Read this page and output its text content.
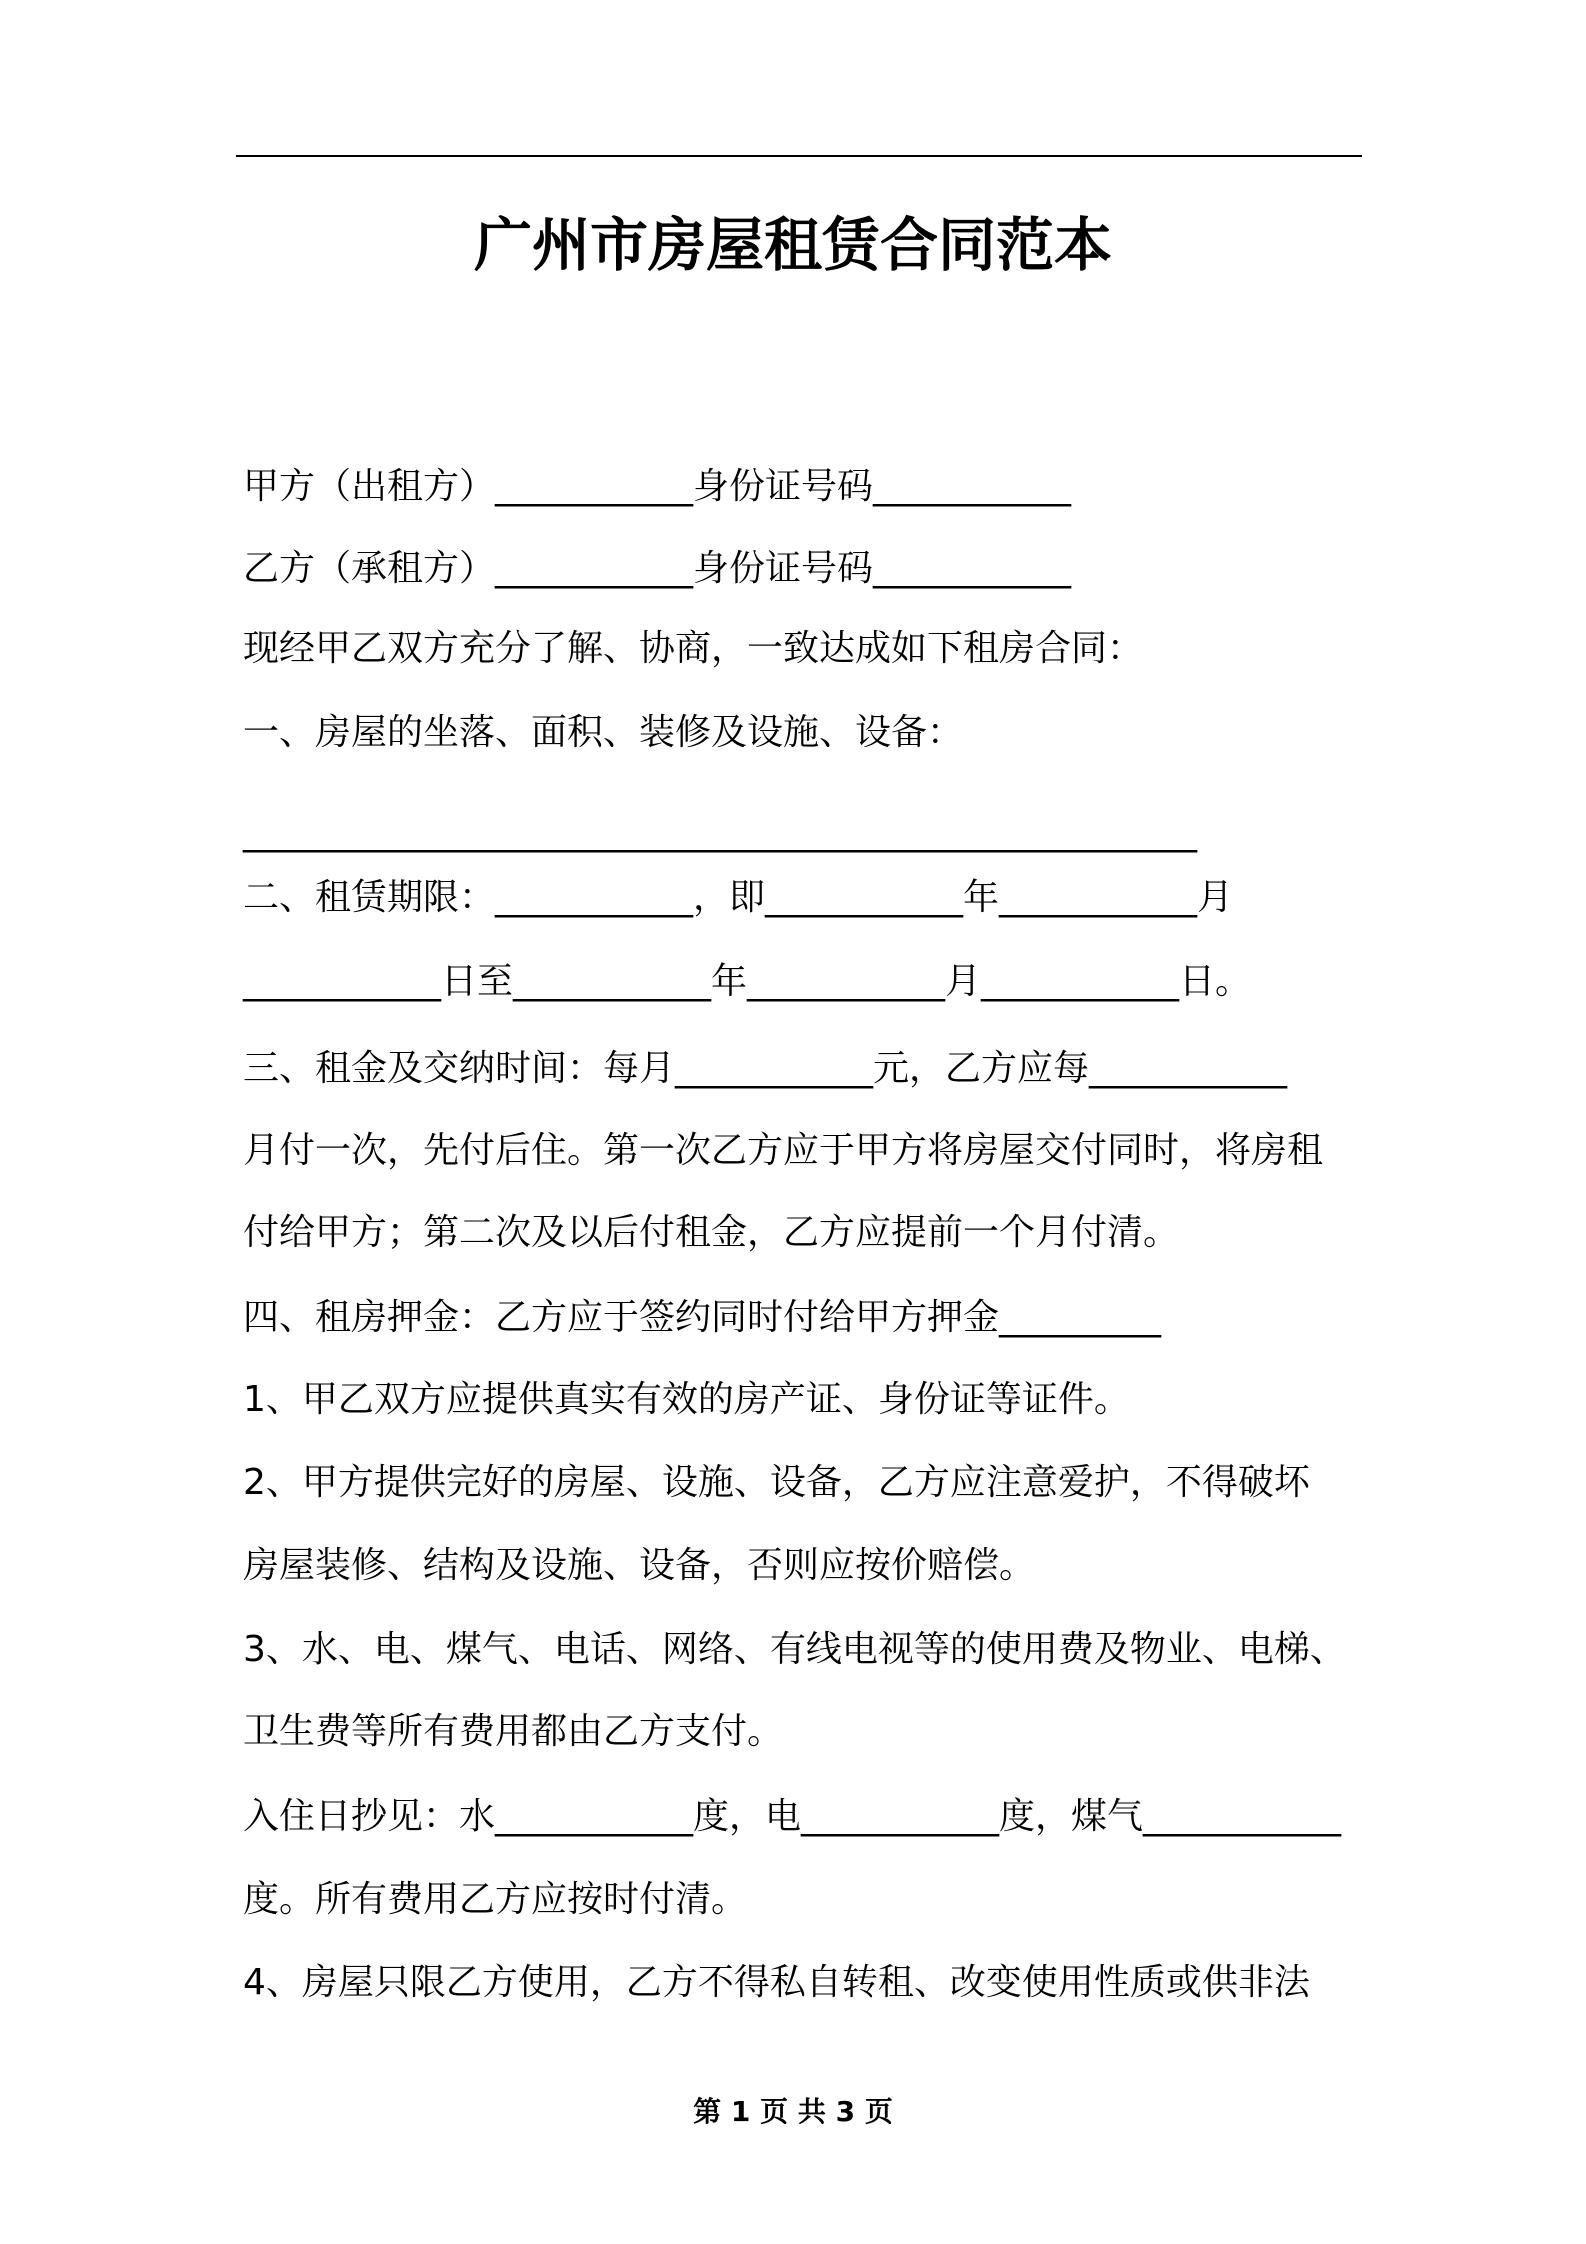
广州市房屋租赁合同范本
甲方（出租方）___________身份证号码___________
乙方（承租方）___________身份证号码___________
现经甲乙双方充分了解、协商，一致达成如下租房合同：
一、房屋的坐落、面积、装修及设施、设备：
_____________________________________________________
二、租赁期限：___________，即___________年___________月
___________日至___________年___________月___________日。
三、租金及交纳时间：每月___________元，乙方应每___________
月付一次，先付后住。第一次乙方应于甲方将房屋交付同时，将房租
付给甲方；第二次及以后付租金，乙方应提前一个月付清。
四、租房押金：乙方应于签约同时付给甲方押金_________
1、甲乙双方应提供真实有效的房产证、身份证等证件。
2、甲方提供完好的房屋、设施、设备，乙方应注意爱护，不得破坏
房屋装修、结构及设施、设备，否则应按价赔偿。
3、水、电、煤气、电话、网络、有线电视等的使用费及物业、电梯、
卫生费等所有费用都由乙方支付。
入住日抄见：水___________度，电___________度，煤气___________
度。所有费用乙方应按时付清。
4、房屋只限乙方使用，乙方不得私自转租、改变使用性质或供非法
第 1 页 共 3 页
